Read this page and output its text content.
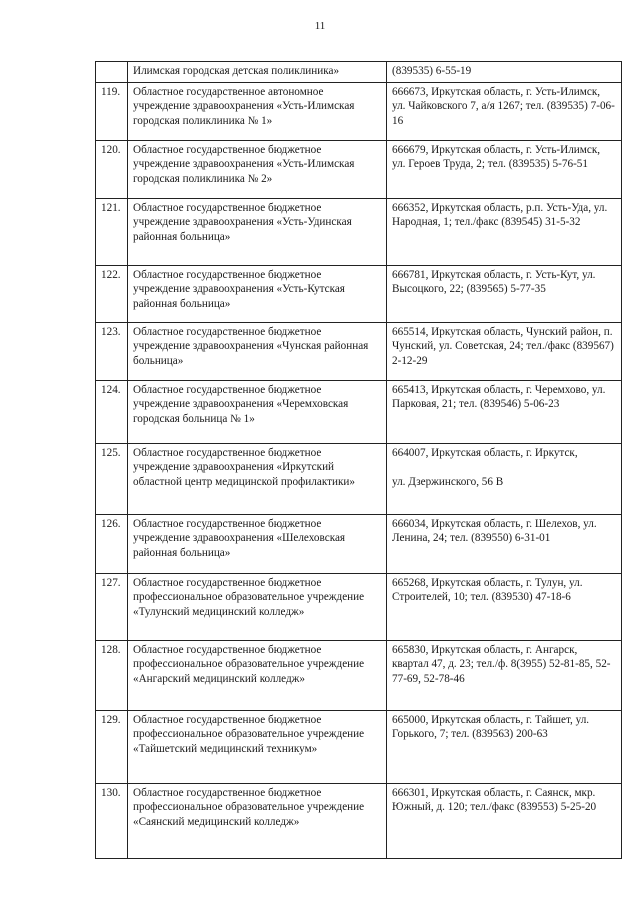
11
	Илимская городская детская поликлиника»	(839535) 6-55-19
119.	Областное государственное автономное учреждение здравоохранения «Усть-Илимская городская поликлиника № 1»	666673, Иркутская область, г. Усть-Илимск, ул. Чайковского 7, а/я 1267; тел. (839535) 7-06-16
120.	Областное государственное бюджетное учреждение здравоохранения «Усть-Илимская городская поликлиника № 2»	666679, Иркутская область, г. Усть-Илимск, ул. Героев Труда, 2; тел. (839535) 5-76-51
121.	Областное государственное бюджетное учреждение здравоохранения «Усть-Удинская районная больница»	666352, Иркутская область, р.п. Усть-Уда, ул. Народная, 1; тел./факс (839545) 31-5-32
122.	Областное государственное бюджетное учреждение здравоохранения «Усть-Кутская районная больница»	666781, Иркутская область, г. Усть-Кут, ул. Высоцкого, 22; (839565) 5-77-35
123.	Областное государственное бюджетное учреждение здравоохранения «Чунская районная больница»	665514, Иркутская область, Чунский район, п. Чунский, ул. Советская, 24; тел./факс (839567) 2-12-29
124.	Областное государственное бюджетное учреждение здравоохранения «Черемховская городская больница № 1»	665413, Иркутская область, г. Черемхово, ул. Парковая, 21; тел. (839546) 5-06-23
125.	Областное государственное бюджетное учреждение здравоохранения «Иркутский областной центр медицинской профилактики»	664007, Иркутская область, г. Иркутск,

ул. Дзержинского, 56 В
126.	Областное государственное бюджетное учреждение здравоохранения «Шелеховская районная больница»	666034, Иркутская область, г. Шелехов, ул. Ленина, 24; тел. (839550) 6-31-01
127.	Областное государственное бюджетное профессиональное образовательное учреждение «Тулунский медицинский колледж»	665268, Иркутская область, г. Тулун, ул. Строителей, 10; тел. (839530) 47-18-6
128.	Областное государственное бюджетное профессиональное образовательное учреждение «Ангарский медицинский колледж»	665830, Иркутская область, г. Ангарск, квартал 47, д. 23; тел./ф. 8(3955) 52-81-85, 52-77-69, 52-78-46
129.	Областное государственное бюджетное профессиональное образовательное учреждение «Тайшетский медицинский техникум»	665000, Иркутская область, г. Тайшет, ул. Горького, 7; тел. (839563) 200-63
130.	Областное государственное бюджетное профессиональное образовательное учреждение «Саянский медицинский колледж»	666301, Иркутская область, г. Саянск, мкр. Южный, д. 120; тел./факс (839553) 5-25-20
